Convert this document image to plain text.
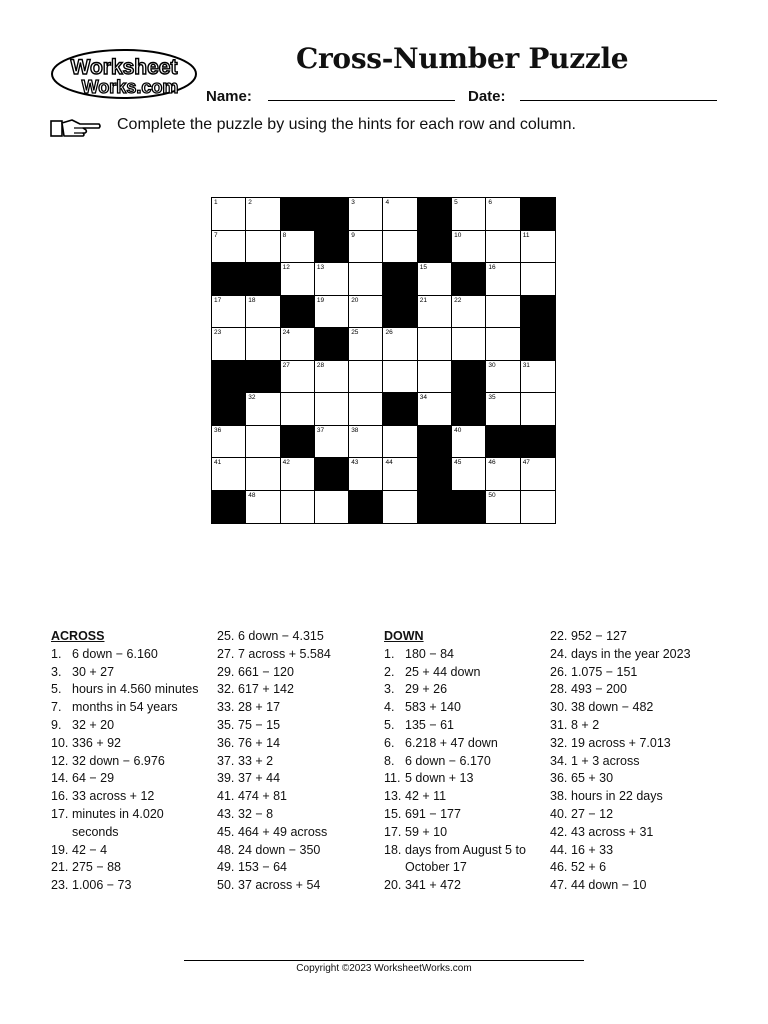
Worksheet
Works.com
Cross-Number Puzzle
Name:	Date:
Complete the puzzle by using the hints for each row and column.
1	2	3	4	5	6
7	8	9	10	11
12	13	14	15	16
17	18	19	20	21	22
23	24	25	26
27	28	29	30	31
32	33	34	35
36	37	38	39	40
41	42	43	44	45	46	47
48	49	50
ACROSS
1. 6 down − 6.160
3. 30 + 27
5. hours in 4.560 minutes
7. months in 54 years
9. 32 + 20
10. 336 + 92
12. 32 down − 6.976
14. 64 − 29
16. 33 across + 12
17. minutes in 4.020 seconds
19. 42 − 4
21. 275 − 88
23. 1.006 − 73
25. 6 down − 4.315
27. 7 across + 5.584
29. 661 − 120
32. 617 + 142
33. 28 + 17
35. 75 − 15
36. 76 + 14
37. 33 + 2
39. 37 + 44
41. 474 + 81
43. 32 − 8
45. 464 + 49 across
48. 24 down − 350
49. 153 − 64
50. 37 across + 54
DOWN
1. 180 − 84
2. 25 + 44 down
3. 29 + 26
4. 583 + 140
5. 135 − 61
6. 6.218 + 47 down
8. 6 down − 6.170
11. 5 down + 13
13. 42 + 11
15. 691 − 177
17. 59 + 10
18. days from August 5 to October 17
20. 341 + 472
22. 952 − 127
24. days in the year 2023
26. 1.075 − 151
28. 493 − 200
30. 38 down − 482
31. 8 + 2
32. 19 across + 7.013
34. 1 + 3 across
36. 65 + 30
38. hours in 22 days
40. 27 − 12
42. 43 across + 31
44. 16 + 33
46. 52 + 6
47. 44 down − 10
Copyright ©2023 WorksheetWorks.com
